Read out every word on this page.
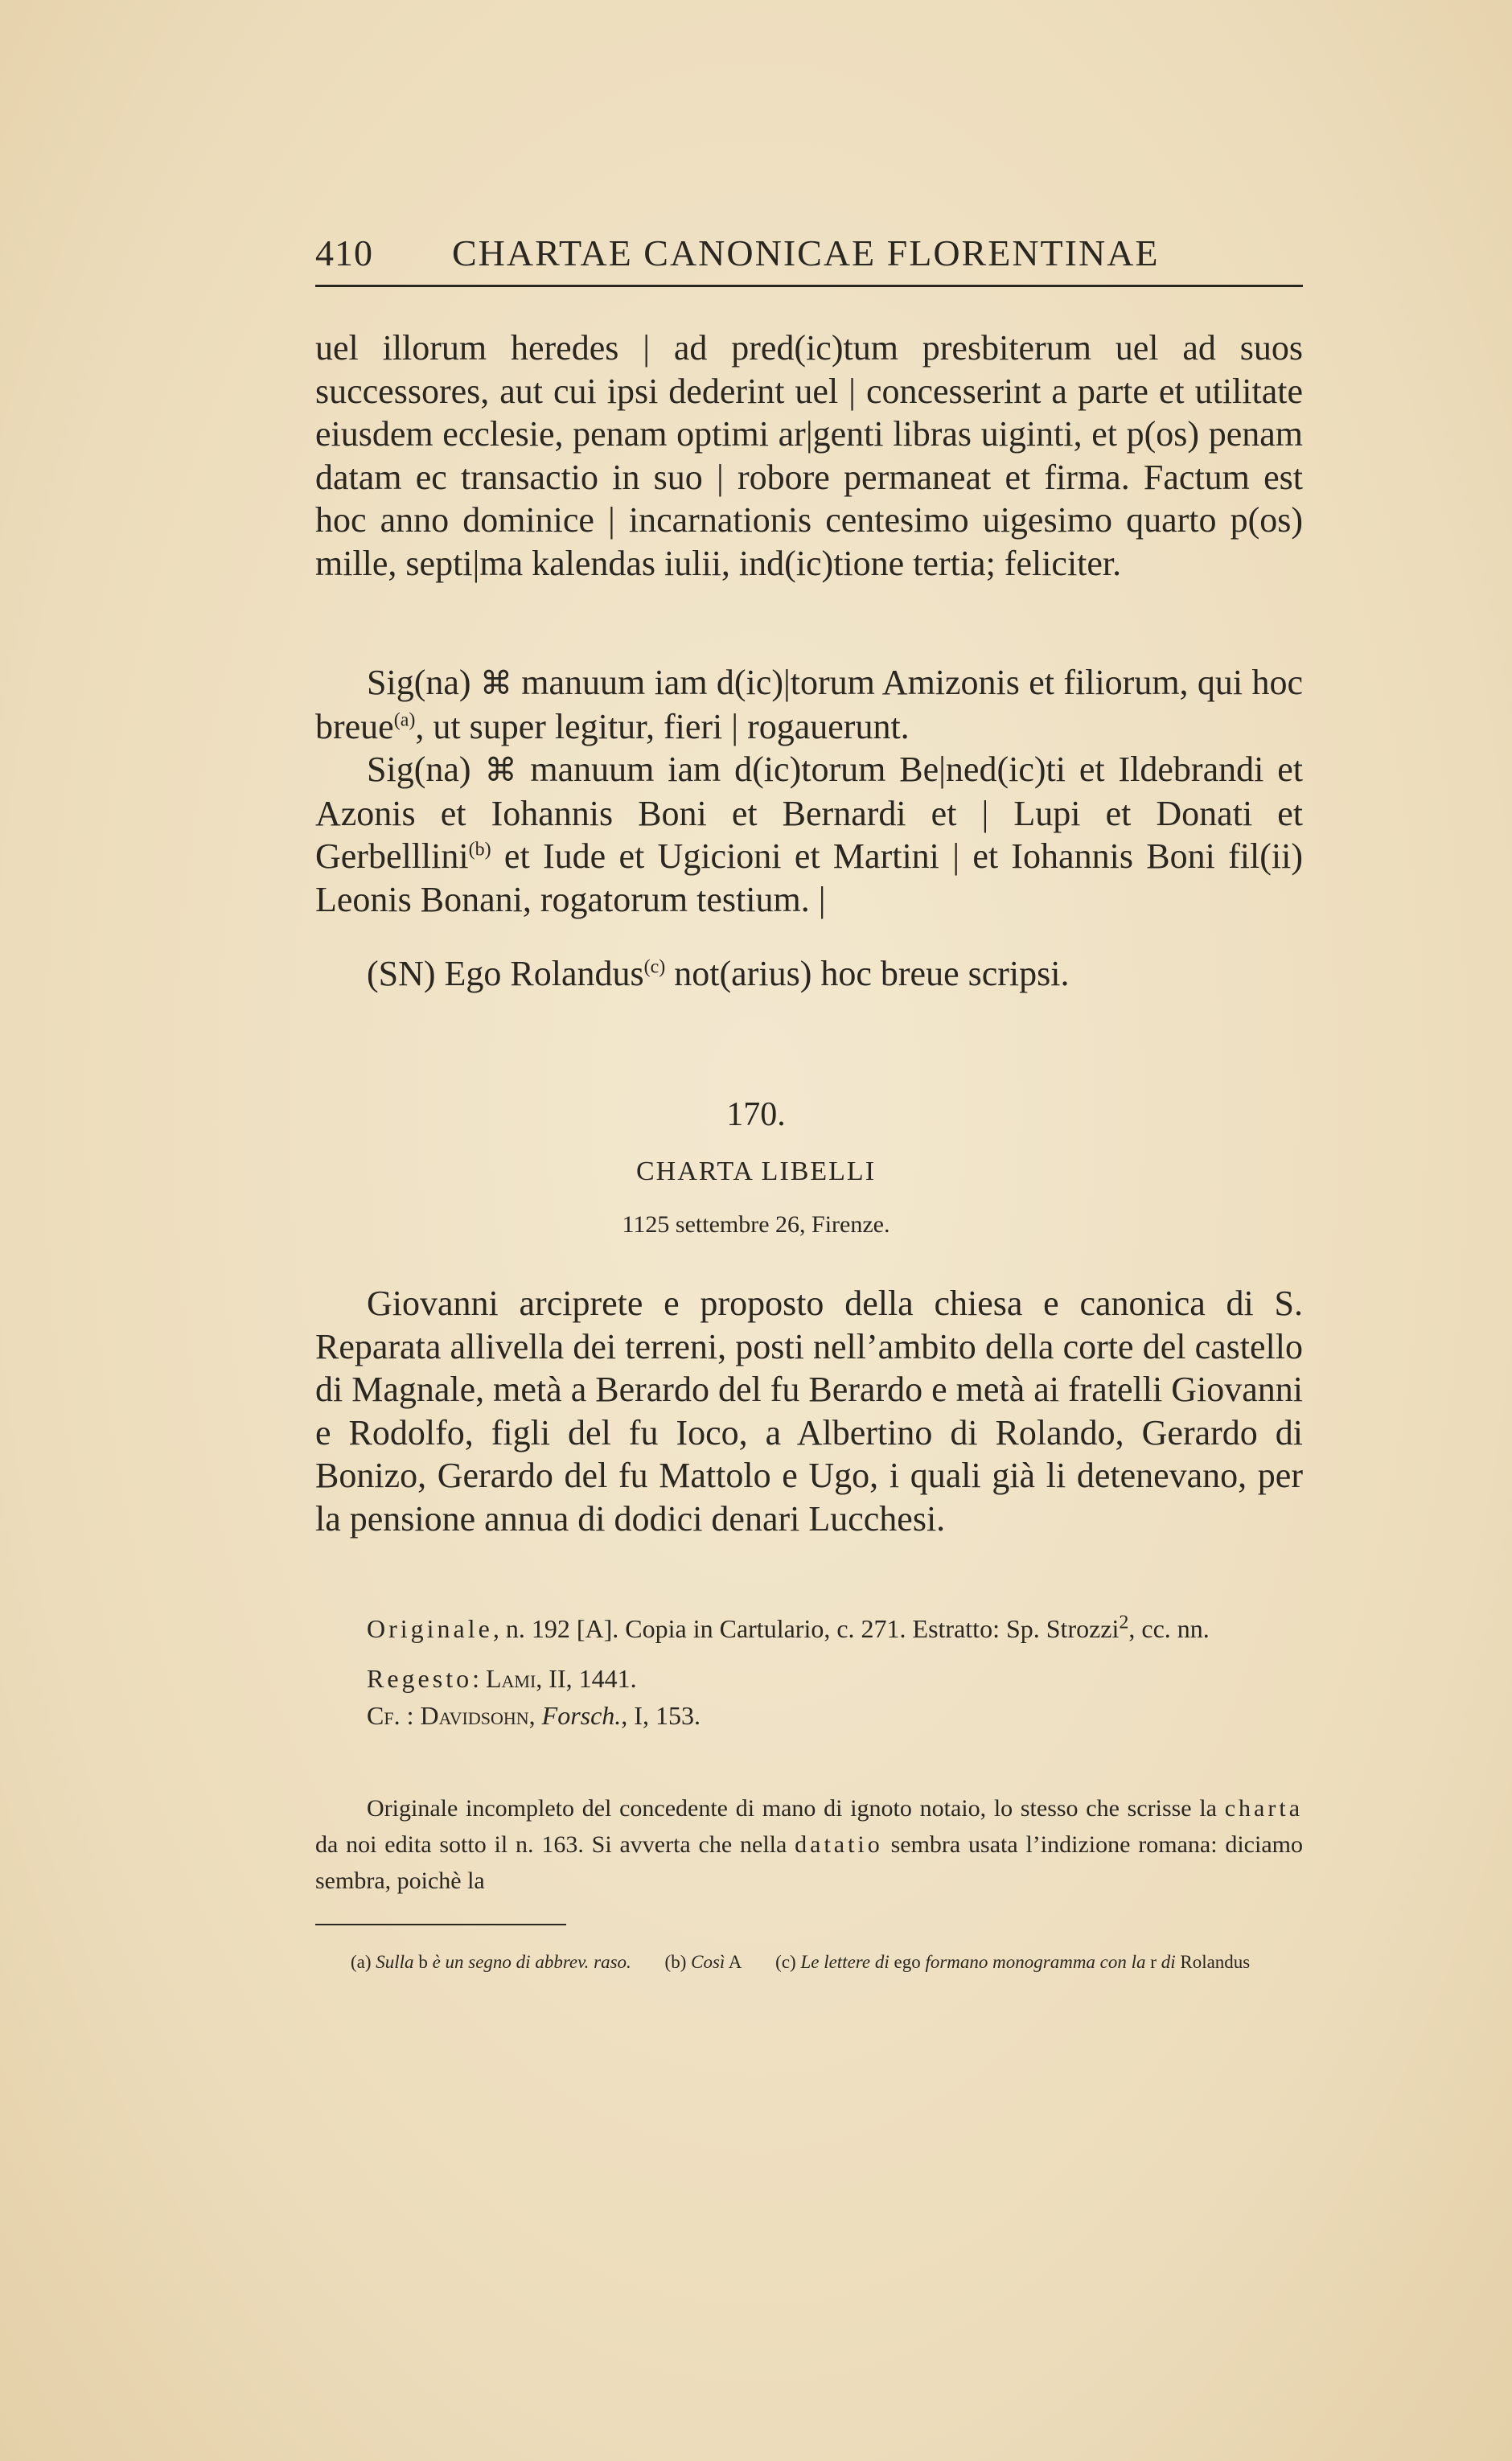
410 CHARTAE CANONICAE FLORENTINAE

uel illorum heredes | ad pred(ic)tum presbiterum uel ad suos successores, aut cui ipsi dederint uel | concesserint a parte et utilitate eiusdem ecclesie, penam optimi ar|genti libras uiginti, et p(os) penam datam ec transactio in suo | robore permaneat et firma. Factum est hoc anno dominice | incarnationis centesimo uigesimo quarto p(os) mille, septi|ma kalendas iulii, ind(ic)tione tertia; feliciter.

Sig(na) ⌘ manuum iam d(ic)|torum Amizonis et filiorum, qui hoc breue$^{(a)}$, ut super legitur, fieri | rogauerunt.

Sig(na) ⌘ manuum iam d(ic)torum Be|ned(ic)ti et Ildebrandi et Azonis et Iohannis Boni et Bernardi et | Lupi et Donati et Gerbelllini$^{(b)}$ et Iude et Ugicioni et Martini | et Iohannis Boni fil(ii) Leonis Bonani, rogatorum testium. |

(SN) Ego Rolandus$^{(c)}$ not(arius) hoc breue scripsi.

170.
CHARTA LIBELLI
1125 settembre 26, Firenze.

Giovanni arciprete e proposto della chiesa e canonica di S. Reparata allivella dei terreni, posti nell’ambito della corte del castello di Magnale, metà a Berardo del fu Berardo e metà ai fratelli Giovanni e Rodolfo, figli del fu Ioco, a Albertino di Rolando, Gerardo di Bonizo, Gerardo del fu Mattolo e Ugo, i quali già li detenevano, per la pensione annua di dodici denari Lucchesi.

Originale, n. 192 [A]. Copia in Cartulario, c. 271. Estratto: Sp. Strozzi$^2$, cc. nn.

Regesto: Lami, II, 1441.

Cf. : Davidsohn, Forsch., I, 153.

Originale incompleto del concedente di mano di ignoto notaio, lo stesso che scrisse la charta da noi edita sotto il n. 163. Si avverta che nella datatio sembra usata l’indizione romana: diciamo sembra, poichè la

(a) Sulla b è un segno di abbrev. raso. (b) Così A (c) Le lettere di ego formano monogramma con la r di Rolandus
